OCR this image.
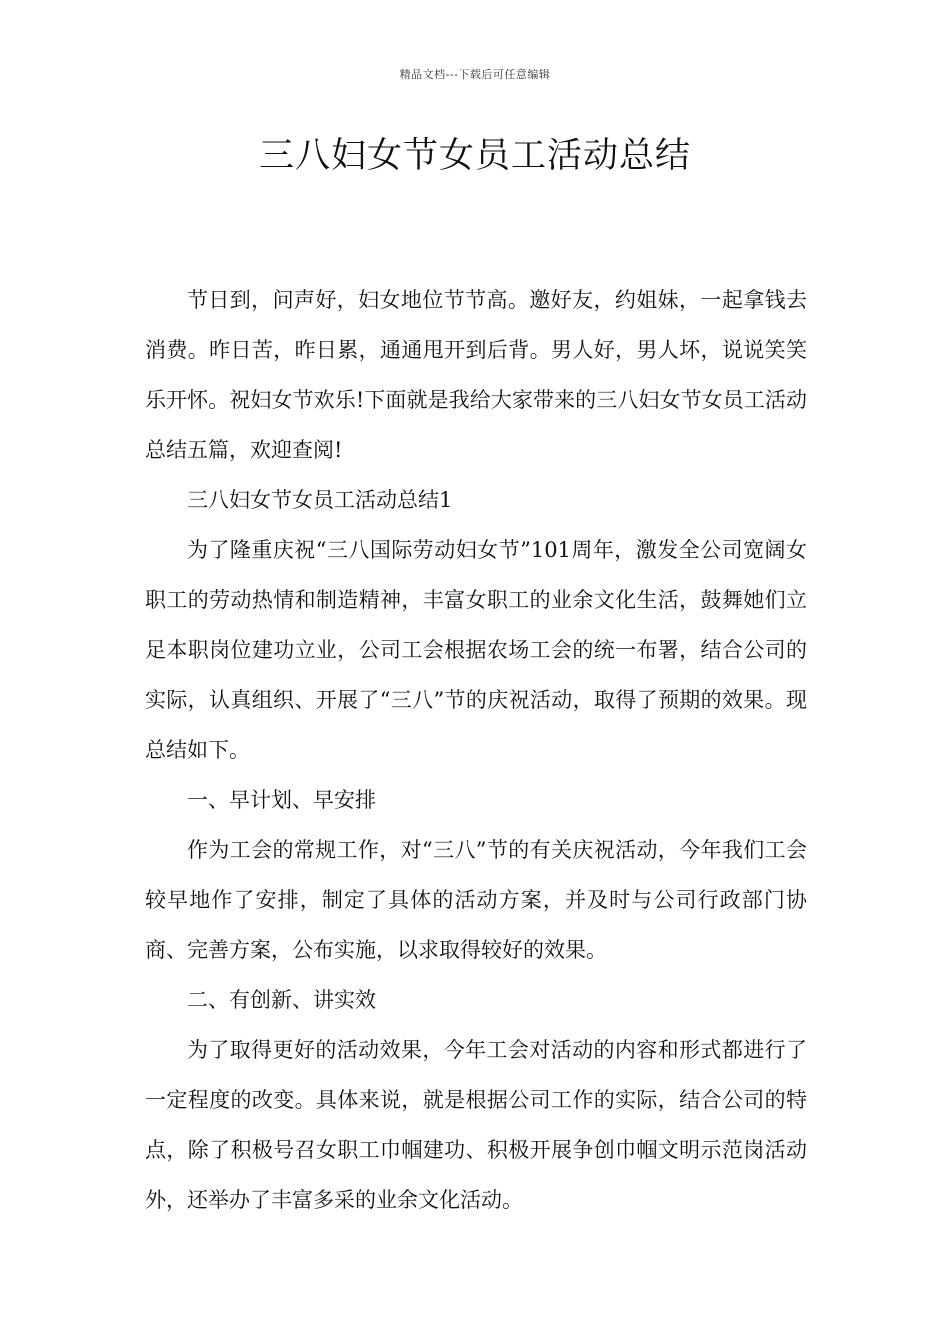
精品文档---下载后可任意编辑
三八妇女节女员工活动总结

节日到，问声好，妇女地位节节高。邀好友，约姐妹，一起拿钱去消费。昨日苦，昨日累，通通甩开到后背。男人好，男人坏，说说笑笑乐开怀。祝妇女节欢乐!下面就是我给大家带来的三八妇女节女员工活动总结五篇，欢迎查阅!

三八妇女节女员工活动总结1

为了隆重庆祝“三八国际劳动妇女节”101周年，激发全公司宽阔女职工的劳动热情和制造精神，丰富女职工的业余文化生活，鼓舞她们立足本职岗位建功立业，公司工会根据农场工会的统一布署，结合公司的实际，认真组织、开展了“三八”节的庆祝活动，取得了预期的效果。现总结如下。

一、早计划、早安排

作为工会的常规工作，对“三八”节的有关庆祝活动，今年我们工会较早地作了安排，制定了具体的活动方案，并及时与公司行政部门协商、完善方案，公布实施，以求取得较好的效果。

二、有创新、讲实效

为了取得更好的活动效果，今年工会对活动的内容和形式都进行了一定程度的改变。具体来说，就是根据公司工作的实际，结合公司的特点，除了积极号召女职工巾帼建功、积极开展争创巾帼文明示范岗活动外，还举办了丰富多采的业余文化活动。
